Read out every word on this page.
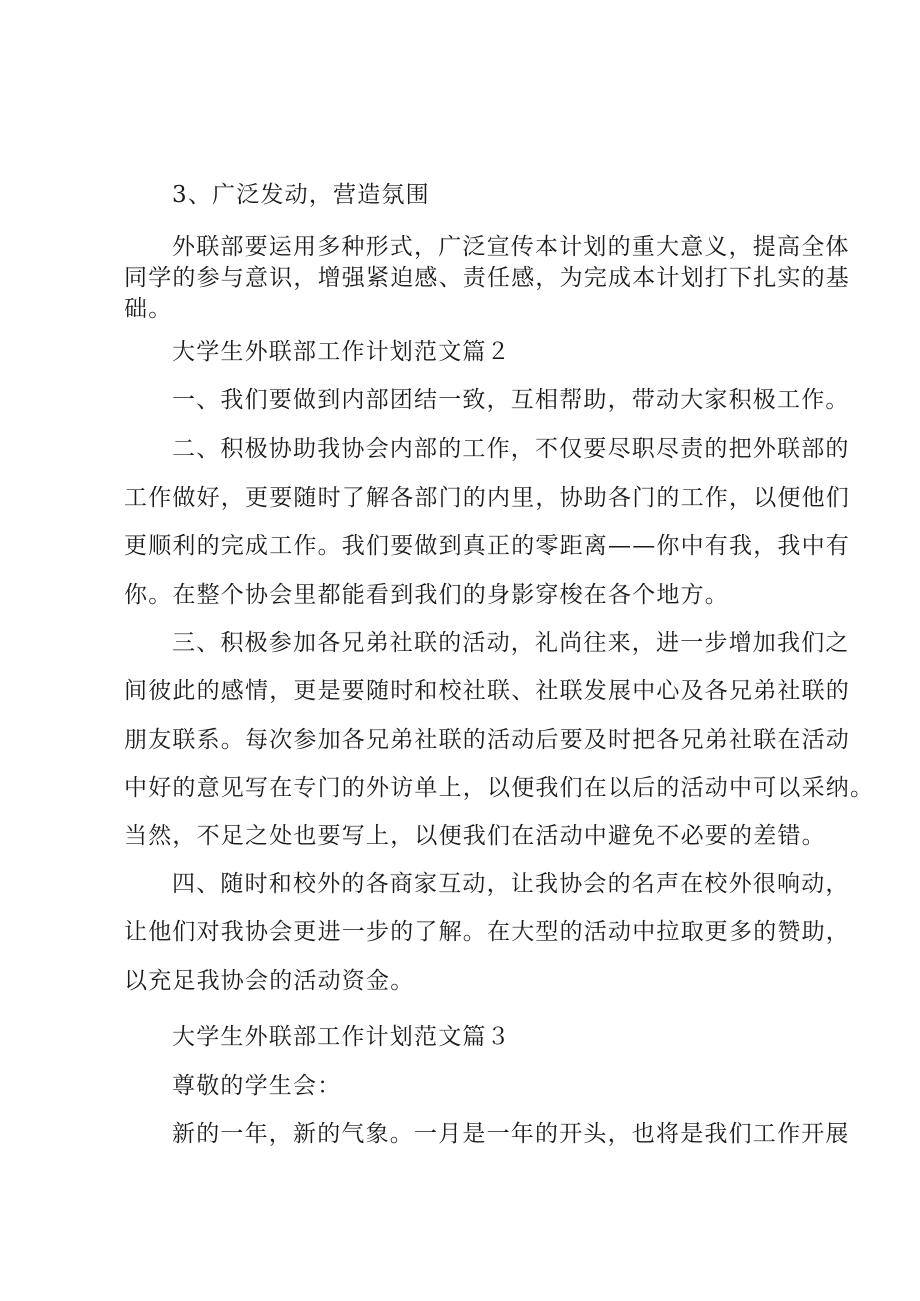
3、广泛发动，营造氛围
外联部要运用多种形式，广泛宣传本计划的重大意义，提高全体
同学的参与意识，增强紧迫感、责任感，为完成本计划打下扎实的基
础。
大学生外联部工作计划范文篇２
一、我们要做到内部团结一致，互相帮助，带动大家积极工作。
二、积极协助我协会内部的工作，不仅要尽职尽责的把外联部的
工作做好，更要随时了解各部门的内里，协助各门的工作，以便他们
更顺利的完成工作。我们要做到真正的零距离——你中有我，我中有
你。在整个协会里都能看到我们的身影穿梭在各个地方。
三、积极参加各兄弟社联的活动，礼尚往来，进一步增加我们之
间彼此的感情，更是要随时和校社联、社联发展中心及各兄弟社联的
朋友联系。每次参加各兄弟社联的活动后要及时把各兄弟社联在活动
中好的意见写在专门的外访单上，以便我们在以后的活动中可以采纳。
当然，不足之处也要写上，以便我们在活动中避免不必要的差错。
四、随时和校外的各商家互动，让我协会的名声在校外很响动，
让他们对我协会更进一步的了解。在大型的活动中拉取更多的赞助，
以充足我协会的活动资金。
大学生外联部工作计划范文篇３
尊敬的学生会：
新的一年，新的气象。一月是一年的开头，也将是我们工作开展
